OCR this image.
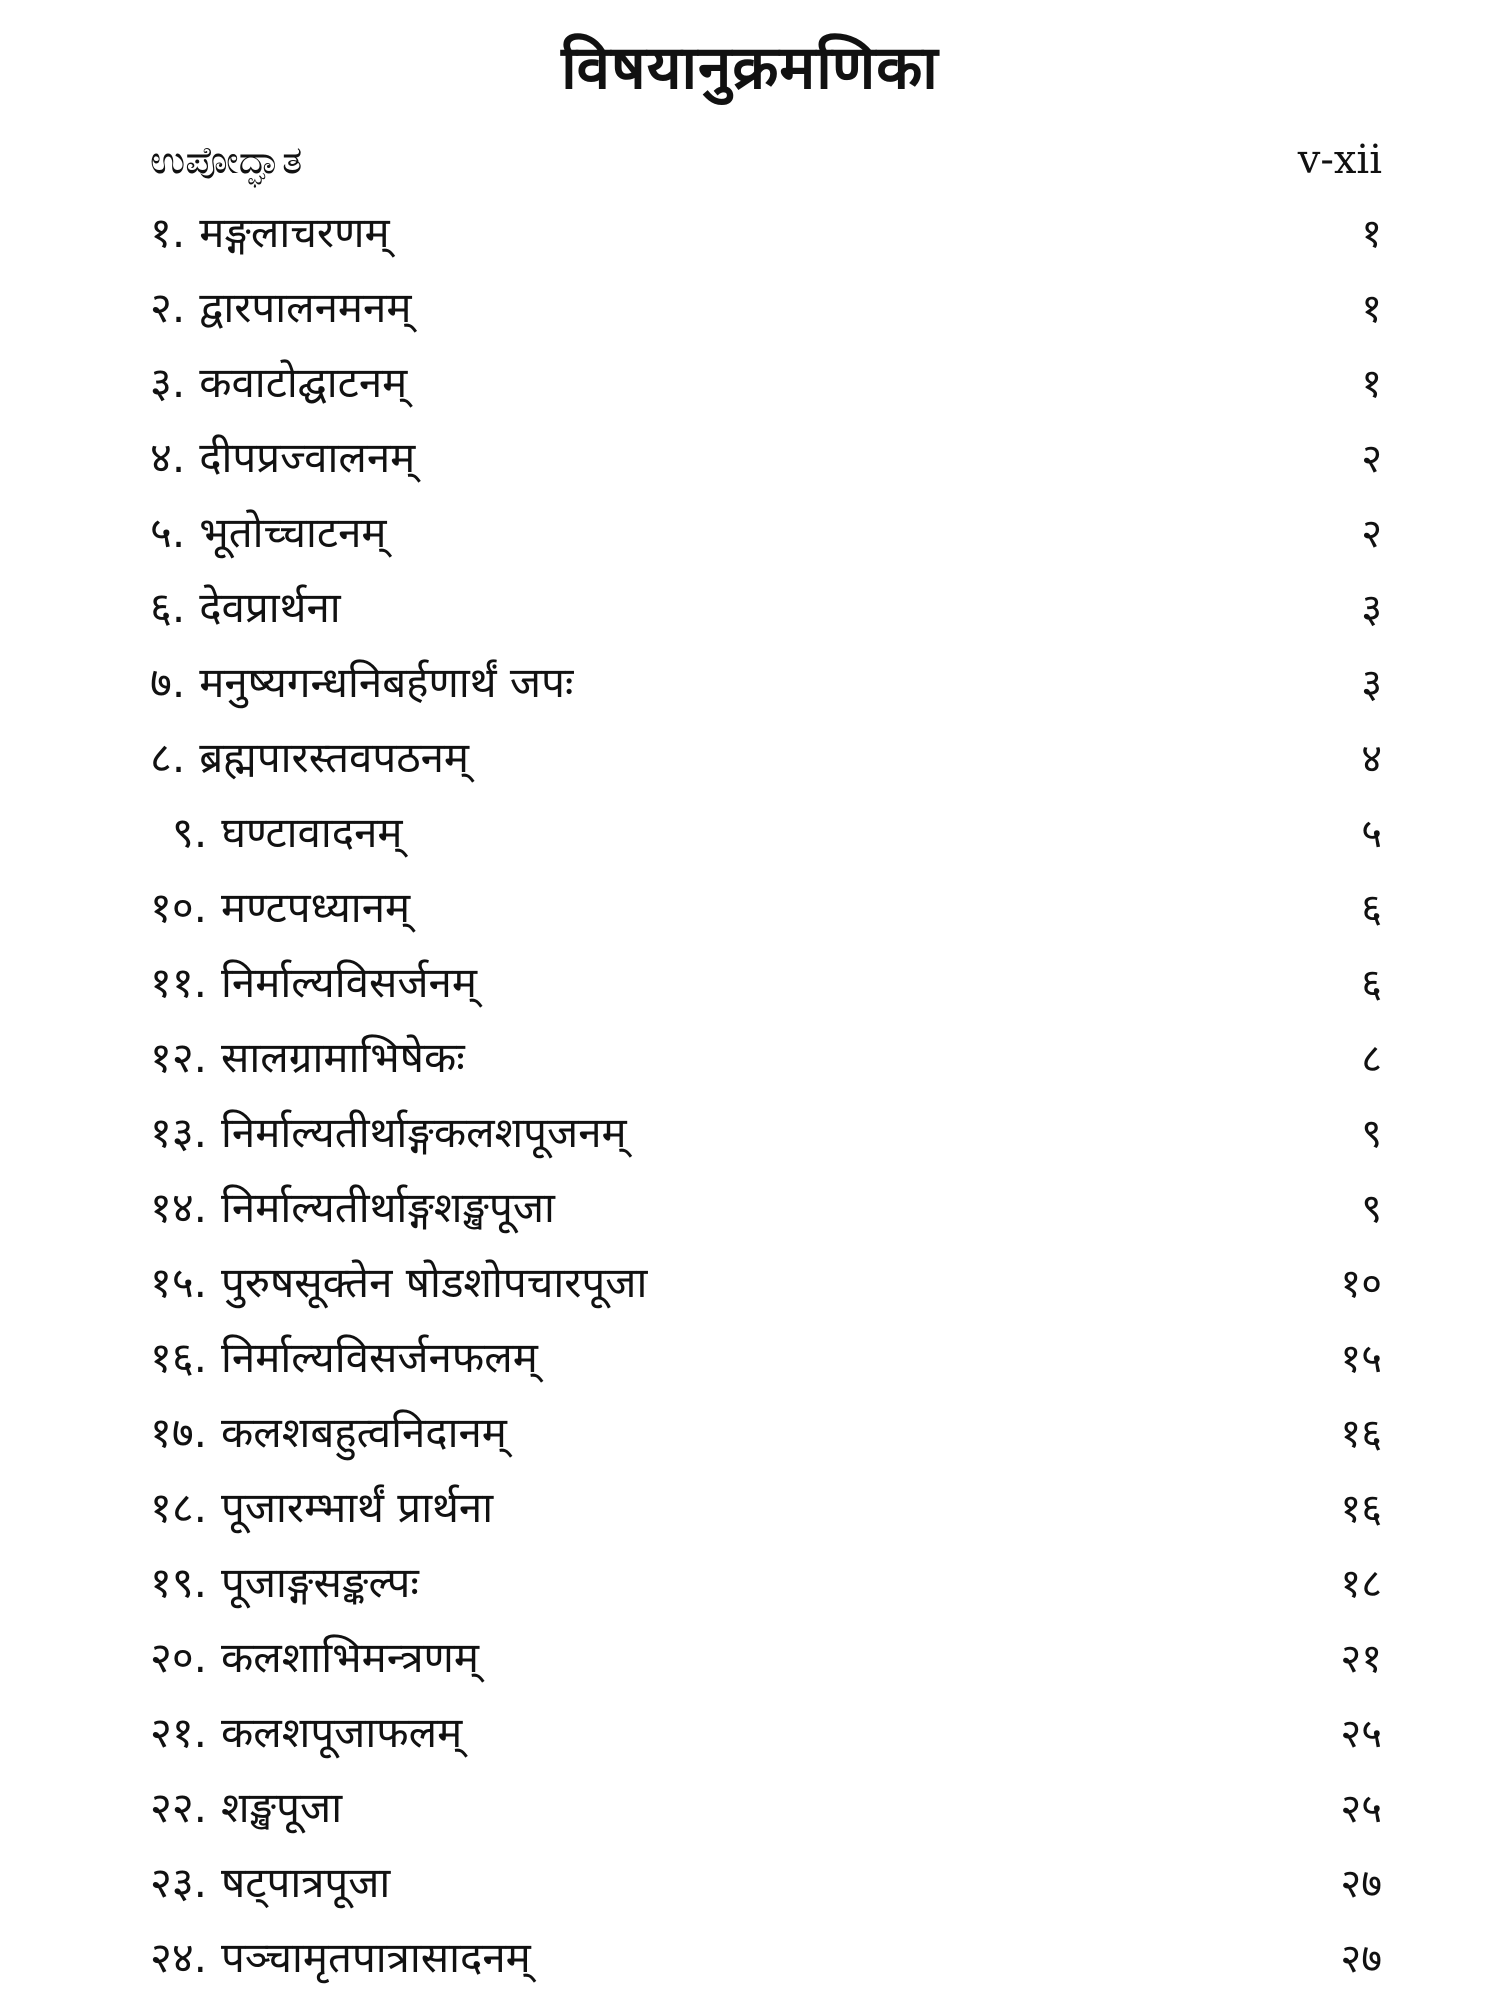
विषयानुक्रमणिका
ಉಪೋದ್ಘಾತ	v-xii
१. मङ्गलाचरणम्	१
२. द्वारपालनमनम्	१
३. कवाटोद्घाटनम्	१
४. दीपप्रज्वालनम्	२
५. भूतोच्चाटनम्	२
६. देवप्रार्थना	३
७. मनुष्यगन्धनिबर्हणार्थं जपः	३
८. ब्रह्मपारस्तवपठनम्	४
९. घण्टावादनम्	५
१०. मण्टपध्यानम्	६
११. निर्माल्यविसर्जनम्	६
१२. सालग्रामाभिषेकः	८
१३. निर्माल्यतीर्थाङ्गकलशपूजनम्	९
१४. निर्माल्यतीर्थाङ्गशङ्खपूजा	९
१५. पुरुषसूक्तेन षोडशोपचारपूजा	१०
१६. निर्माल्यविसर्जनफलम्	१५
१७. कलशबहुत्वनिदानम्	१६
१८. पूजारम्भार्थं प्रार्थना	१६
१९. पूजाङ्गसङ्कल्पः	१८
२०. कलशाभिमन्त्रणम्	२१
२१. कलशपूजाफलम्	२५
२२. शङ्खपूजा	२५
२३. षट्पात्रपूजा	२७
२४. पञ्चामृतपात्रासादनम्	२७
